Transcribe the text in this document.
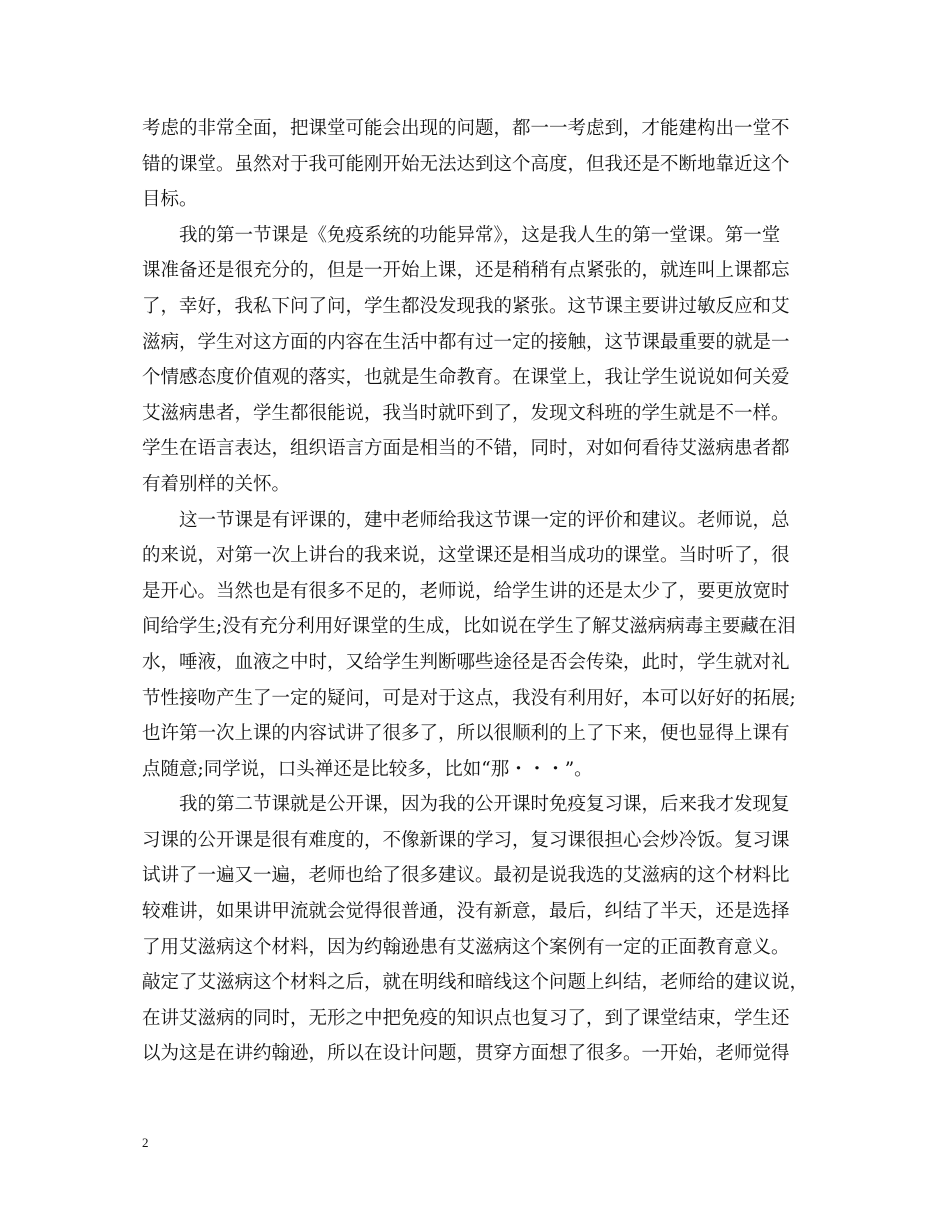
考虑的非常全面，把课堂可能会出现的问题，都一一考虑到，才能建构出一堂不
错的课堂。虽然对于我可能刚开始无法达到这个高度，但我还是不断地靠近这个
目标。
我的第一节课是《免疫系统的功能异常》，这是我人生的第一堂课。第一堂
课准备还是很充分的，但是一开始上课，还是稍稍有点紧张的，就连叫上课都忘
了，幸好，我私下问了问，学生都没发现我的紧张。这节课主要讲过敏反应和艾
滋病，学生对这方面的内容在生活中都有过一定的接触，这节课最重要的就是一
个情感态度价值观的落实，也就是生命教育。在课堂上，我让学生说说如何关爱
艾滋病患者，学生都很能说，我当时就吓到了，发现文科班的学生就是不一样。
学生在语言表达，组织语言方面是相当的不错，同时，对如何看待艾滋病患者都
有着别样的关怀。
这一节课是有评课的，建中老师给我这节课一定的评价和建议。老师说，总
的来说，对第一次上讲台的我来说，这堂课还是相当成功的课堂。当时听了，很
是开心。当然也是有很多不足的，老师说，给学生讲的还是太少了，要更放宽时
间给学生;没有充分利用好课堂的生成，比如说在学生了解艾滋病病毒主要藏在泪
水，唾液，血液之中时，又给学生判断哪些途径是否会传染，此时，学生就对礼
节性接吻产生了一定的疑问，可是对于这点，我没有利用好，本可以好好的拓展;
也许第一次上课的内容试讲了很多了，所以很顺利的上了下来，便也显得上课有
点随意;同学说，口头禅还是比较多，比如“那・・・”。
我的第二节课就是公开课，因为我的公开课时免疫复习课，后来我才发现复
习课的公开课是很有难度的，不像新课的学习，复习课很担心会炒冷饭。复习课
试讲了一遍又一遍，老师也给了很多建议。最初是说我选的艾滋病的这个材料比
较难讲，如果讲甲流就会觉得很普通，没有新意，最后，纠结了半天，还是选择
了用艾滋病这个材料，因为约翰逊患有艾滋病这个案例有一定的正面教育意义。
敲定了艾滋病这个材料之后，就在明线和暗线这个问题上纠结，老师给的建议说，
在讲艾滋病的同时，无形之中把免疫的知识点也复习了，到了课堂结束，学生还
以为这是在讲约翰逊，所以在设计问题，贯穿方面想了很多。一开始，老师觉得
2
